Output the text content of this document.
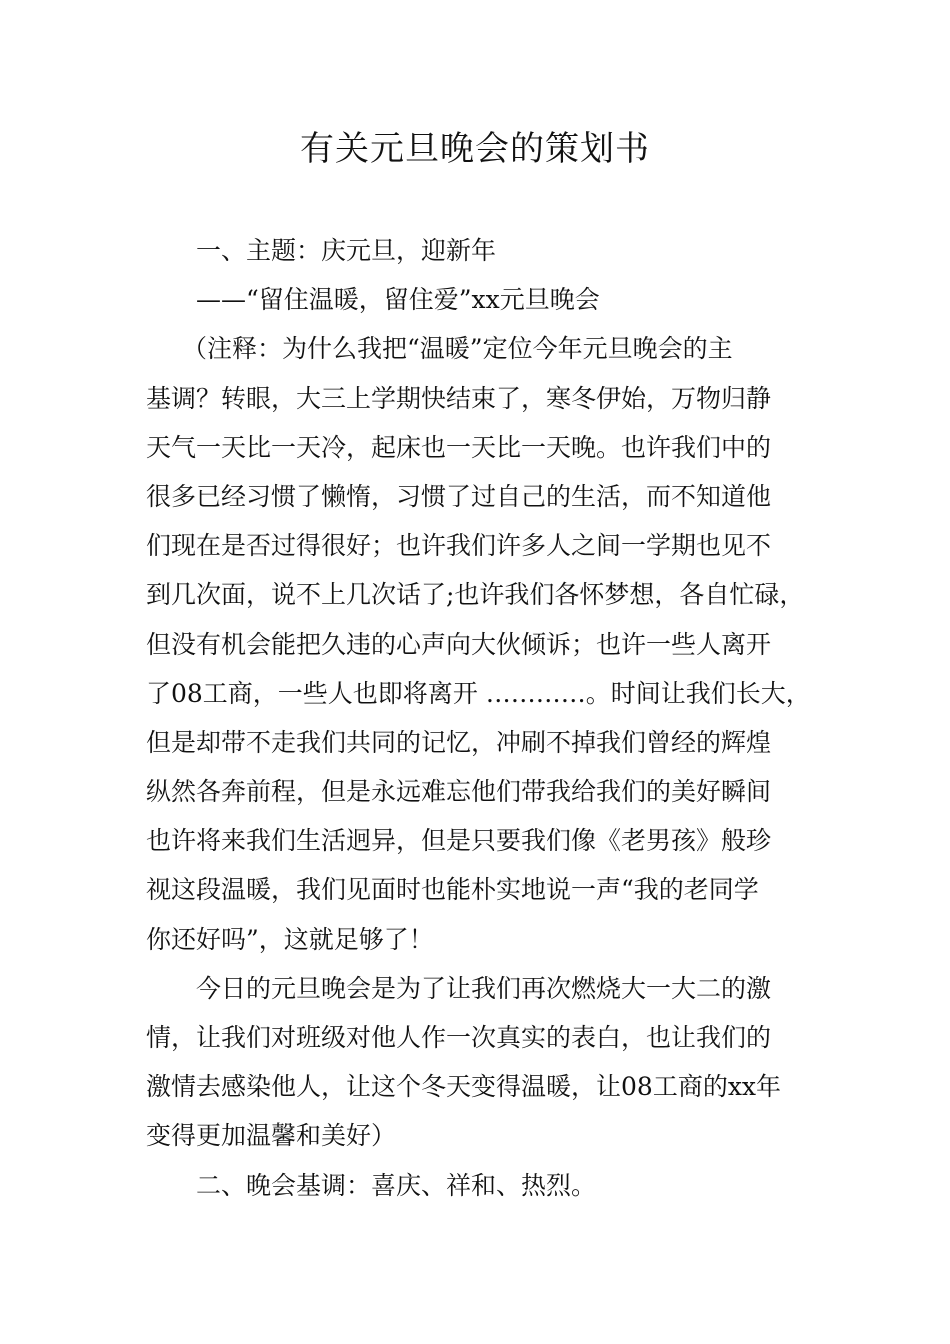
有关元旦晚会的策划书
一、主题：庆元旦，迎新年
——“留住温暖，留住爱”xx元旦晚会
（注释：为什么我把“温暖”定位今年元旦晚会的主
基调？转眼，大三上学期快结束了，寒冬伊始，万物归静
天气一天比一天冷，起床也一天比一天晚。也许我们中的
很多已经习惯了懒惰，习惯了过自己的生活，而不知道他
们现在是否过得很好；也许我们许多人之间一学期也见不
到几次面，说不上几次话了;也许我们各怀梦想，各自忙碌，
但没有机会能把久违的心声向大伙倾诉；也许一些人离开
了08工商，一些人也即将离开 …………。时间让我们长大，
但是却带不走我们共同的记忆，冲刷不掉我们曾经的辉煌
纵然各奔前程，但是永远难忘他们带我给我们的美好瞬间
也许将来我们生活迥异，但是只要我们像《老男孩》般珍
视这段温暖，我们见面时也能朴实地说一声“我的老同学
你还好吗”，这就足够了！
今日的元旦晚会是为了让我们再次燃烧大一大二的激
情，让我们对班级对他人作一次真实的表白，也让我们的
激情去感染他人，让这个冬天变得温暖，让08工商的xx年
变得更加温馨和美好）
二、晚会基调：喜庆、祥和、热烈。
